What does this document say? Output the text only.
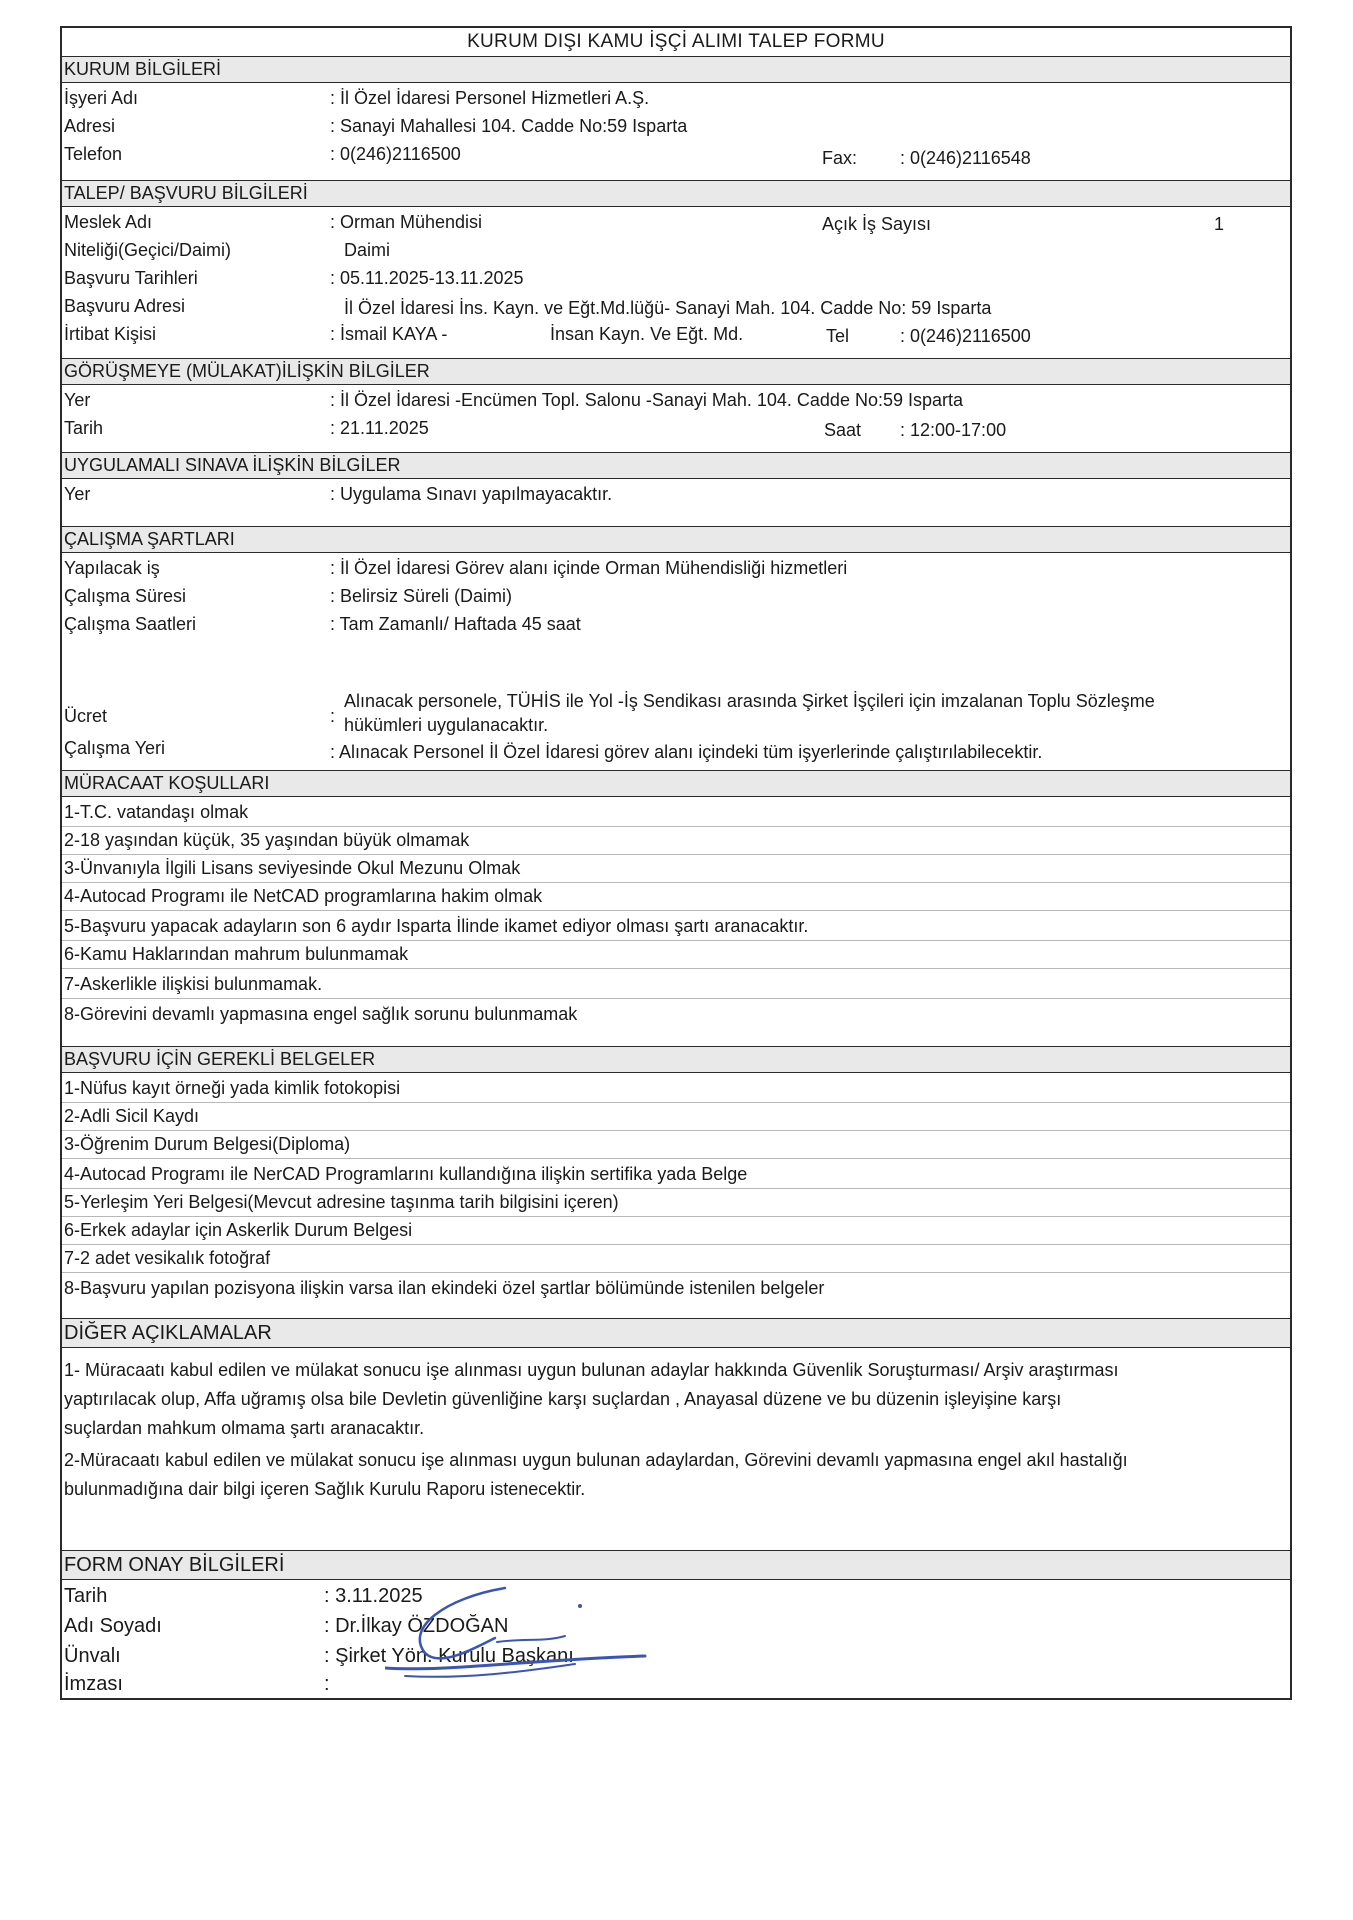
KURUM DIŞI KAMU İŞÇİ ALIMI TALEP FORMU
KURUM BİLGİLERİ
İşyeri Adı	: İl Özel İdaresi Personel Hizmetleri A.Ş.
Adresi	: Sanayi Mahallesi 104. Cadde No:59 Isparta
Telefon	: 0(246)2116500	Fax: : 0(246)2116548
TALEP/ BAŞVURU BİLGİLERİ
Meslek Adı	: Orman Mühendisi	Açık İş Sayısı	1
Niteliği(Geçici/Daimi)	Daimi
Başvuru Tarihleri	: 05.11.2025-13.11.2025
Başvuru Adresi	İl Özel İdaresi İns. Kayn. ve Eğt.Md.lüğü- Sanayi Mah. 104. Cadde No: 59 Isparta
İrtibat Kişisi	: İsmail KAYA -	İnsan Kayn. Ve Eğt. Md.	Tel	: 0(246)2116500
GÖRÜŞMEYE (MÜLAKAT)İLİŞKİN BİLGİLER
Yer	: İl Özel İdaresi -Encümen Topl. Salonu -Sanayi Mah. 104. Cadde No:59 Isparta
Tarih	: 21.11.2025	Saat : 12:00-17:00
UYGULAMALI SINAVA İLİŞKİN BİLGİLER
Yer	: Uygulama Sınavı yapılmayacaktır.
ÇALIŞMA ŞARTLARI
Yapılacak iş	: İl Özel İdaresi Görev alanı içinde Orman Mühendisliği hizmetleri
Çalışma Süresi	: Belirsiz Süreli (Daimi)
Çalışma Saatleri	: Tam Zamanlı/ Haftada 45 saat
Ücret	:
Alınacak personele, TÜHİS ile Yol -İş Sendikası arasında Şirket İşçileri için imzalanan Toplu Sözleşme
hükümleri uygulanacaktır.
Çalışma Yeri	: Alınacak Personel İl Özel İdaresi görev alanı içindeki tüm işyerlerinde çalıştırılabilecektir.
MÜRACAAT KOŞULLARI
1-T.C. vatandaşı olmak
2-18 yaşından küçük, 35 yaşından büyük olmamak
3-Ünvanıyla İlgili Lisans seviyesinde Okul Mezunu Olmak
4-Autocad Programı ile NetCAD programlarına hakim olmak
5-Başvuru yapacak adayların son 6 aydır Isparta İlinde ikamet ediyor olması şartı aranacaktır.
6-Kamu Haklarından mahrum bulunmamak
7-Askerlikle ilişkisi bulunmamak.
8-Görevini devamlı yapmasına engel sağlık sorunu bulunmamak
BAŞVURU İÇİN GEREKLİ BELGELER
1-Nüfus kayıt örneği yada kimlik fotokopisi
2-Adli Sicil Kaydı
3-Öğrenim Durum Belgesi(Diploma)
4-Autocad Programı ile NerCAD Programlarını kullandığına ilişkin sertifika yada Belge
5-Yerleşim Yeri Belgesi(Mevcut adresine taşınma tarih bilgisini içeren)
6-Erkek adaylar için Askerlik Durum Belgesi
7-2 adet vesikalık fotoğraf
8-Başvuru yapılan pozisyona ilişkin varsa ilan ekindeki özel şartlar bölümünde istenilen belgeler
DİĞER AÇIKLAMALAR
1- Müracaatı kabul edilen ve mülakat sonucu işe alınması uygun bulunan adaylar hakkında Güvenlik Soruşturması/ Arşiv araştırması
yaptırılacak olup, Affa uğramış olsa bile Devletin güvenliğine karşı suçlardan , Anayasal düzene ve bu düzenin işleyişine karşı
suçlardan mahkum olmama şartı aranacaktır.
2-Müracaatı kabul edilen ve mülakat sonucu işe alınması uygun bulunan adaylardan, Görevini devamlı yapmasına engel akıl hastalığı
bulunmadığına dair bilgi içeren Sağlık Kurulu Raporu istenecektir.
FORM ONAY BİLGİLERİ
Tarih	: 3.11.2025
Adı Soyadı	: Dr.İlkay ÖZDOĞAN
Ünvalı	: Şirket Yön. Kurulu Başkanı
İmzası	:
